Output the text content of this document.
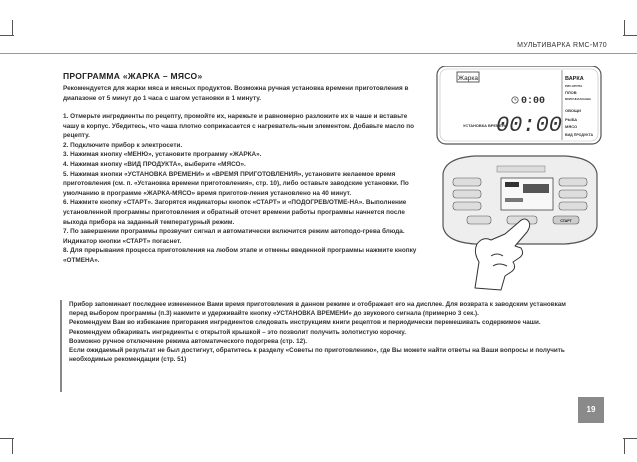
МУЛЬТИВАРКА RMC-M70
ПРОГРАММА «ЖАРКА – МЯСО»
Рекомендуется для жарки мяса и мясных продуктов. Возможна ручная установка времени приготовления в диапазоне от 5 минут до 1 часа с шагом установки в 1 минуту.
1. Отмерьте ингредиенты по рецепту, промойте их, нарежьте и равномерно разложите их в чаше и вставьте чашу в корпус. Убедитесь, что чаша плотно соприкасается с нагреватель-ным элементом. Добавьте масло по рецепту.
2. Подключите прибор к электросети.
3. Нажимая кнопку «МЕНЮ», установите программу «ЖАРКА».
4. Нажимая кнопку «ВИД ПРОДУКТА», выберите «МЯСО».
5. Нажимая кнопки «УСТАНОВКА ВРЕМЕНИ» и «ВРЕМЯ ПРИГОТОВЛЕНИЯ», установите желаемое время приготовления (см. п. «Установка времени приготовления», стр. 10), либо оставьте заводские установки. По умолчанию в программе «ЖАРКА-МЯСО» время приготов-ления установлено на 40 минут.
6. Нажмите кнопку «СТАРТ». Загорятся индикаторы кнопок «СТАРТ» и «ПОДОГРЕВ/ОТМЕ-НА». Выполнение установленной программы приготовления и обратный отсчет времени работы программы начнется после выхода прибора на заданный температурный режим.
7. По завершении программы прозвучит сигнал и автоматически включится режим автоподо-грева блюда. Индикатор кнопки «СТАРТ» погаснет.
8. Для прерывания процесса приготовления на любом этапе и отмены введенной программы нажмите кнопку «ОТМЕНА».
Жарка
0:00
УСТАНОВКА ВРЕМЕНИ
00:00
ВАРКА
РИС-КРУПА
ПЛОВ
МОЛОЧНАЯ КАША
ОВОЩИ
РЫБА
МЯСО
ВИД ПРОДУКТА
СТАРТ

Прибор запоминает последнее измененное Вами время приготовления в данном режиме и отображает его на дисплее. Для возврата к заводским установкам перед выбором программы (п.3) нажмите и удерживайте кнопку «УСТАНОВКА ВРЕМЕНИ» до звукового сигнала (примерно 3 сек.).

Рекомендуем Вам во избежание пригорания ингредиентов следовать инструкциям книги рецептов и периодически перемешивать содержимое чаши.

Рекомендуем обжаривать ингредиенты с открытой крышкой – это позволит получить золотистую корочку.

Возможно ручное отключение режима автоматического подогрева (стр. 12).

Если ожидаемый результат не был достигнут, обратитесь к разделу «Советы по приготовлению», где Вы можете найти ответы на Ваши вопросы и получить необходимые рекомендации (стр. 51)

19
